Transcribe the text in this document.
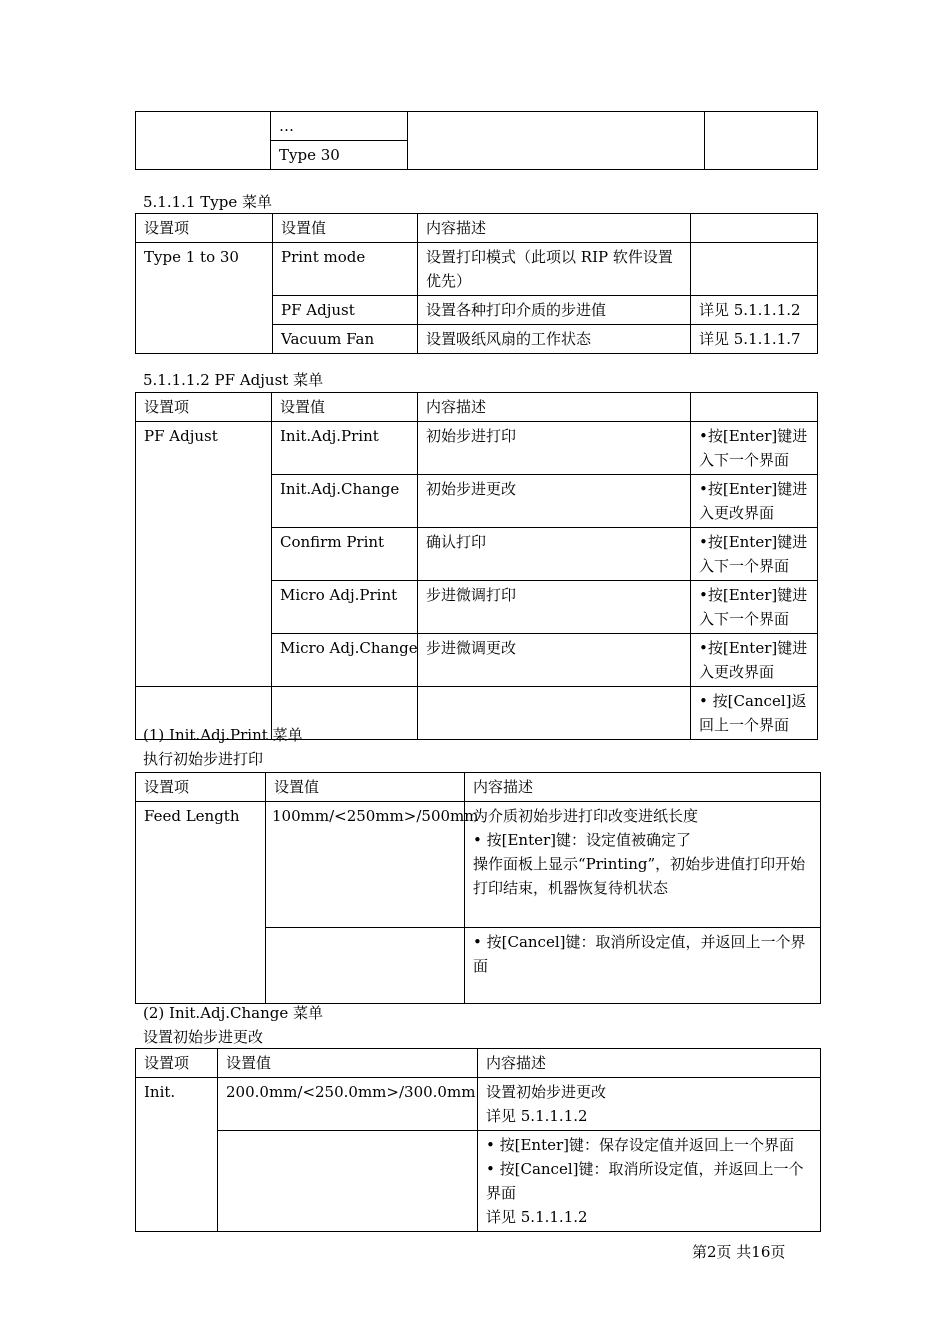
	…		
Type 30
5.1.1.1 Type 菜单
设置项	设置值	内容描述	
Type 1 to 30	Print mode	设置打印模式（此项以 RIP 软件设置优先）	
	PF Adjust	设置各种打印介质的步进值	详见 5.1.1.1.2
	Vacuum Fan	设置吸纸风扇的工作状态	详见 5.1.1.1.7
5.1.1.1.2 PF Adjust 菜单
设置项	设置值	内容描述	
PF Adjust	Init.Adj.Print	初始步进打印	•按[Enter]键进入下一个界面
	Init.Adj.Change	初始步进更改	•按[Enter]键进入更改界面
	Confirm Print	确认打印	•按[Enter]键进入下一个界面
	Micro Adj.Print	步进微调打印	•按[Enter]键进入下一个界面
	Micro Adj.Change	步进微调更改	•按[Enter]键进入更改界面
			• 按[Cancel]返回上一个界面
(1) Init.Adj.Print 菜单
执行初始步进打印
设置项	设置值	内容描述
Feed Length	100mm/<250mm>/500mm	为介质初始步进打印改变进纸长度
• 按[Enter]键：设定值被确定了
操作面板上显示“Printing”，初始步进值打印开始
打印结束，机器恢复待机状态

		• 按[Cancel]键：取消所设定值，并返回上一个界面
(2) Init.Adj.Change 菜单
设置初始步进更改
设置项	设置值	内容描述
Init.	200.0mm/<250.0mm>/300.0mm	设置初始步进更改
详见 5.1.1.1.2

		• 按[Enter]键：保存设定值并返回上一个界面
• 按[Cancel]键：取消所设定值，并返回上一个界面
详见 5.1.1.1.2
第2页 共16页
